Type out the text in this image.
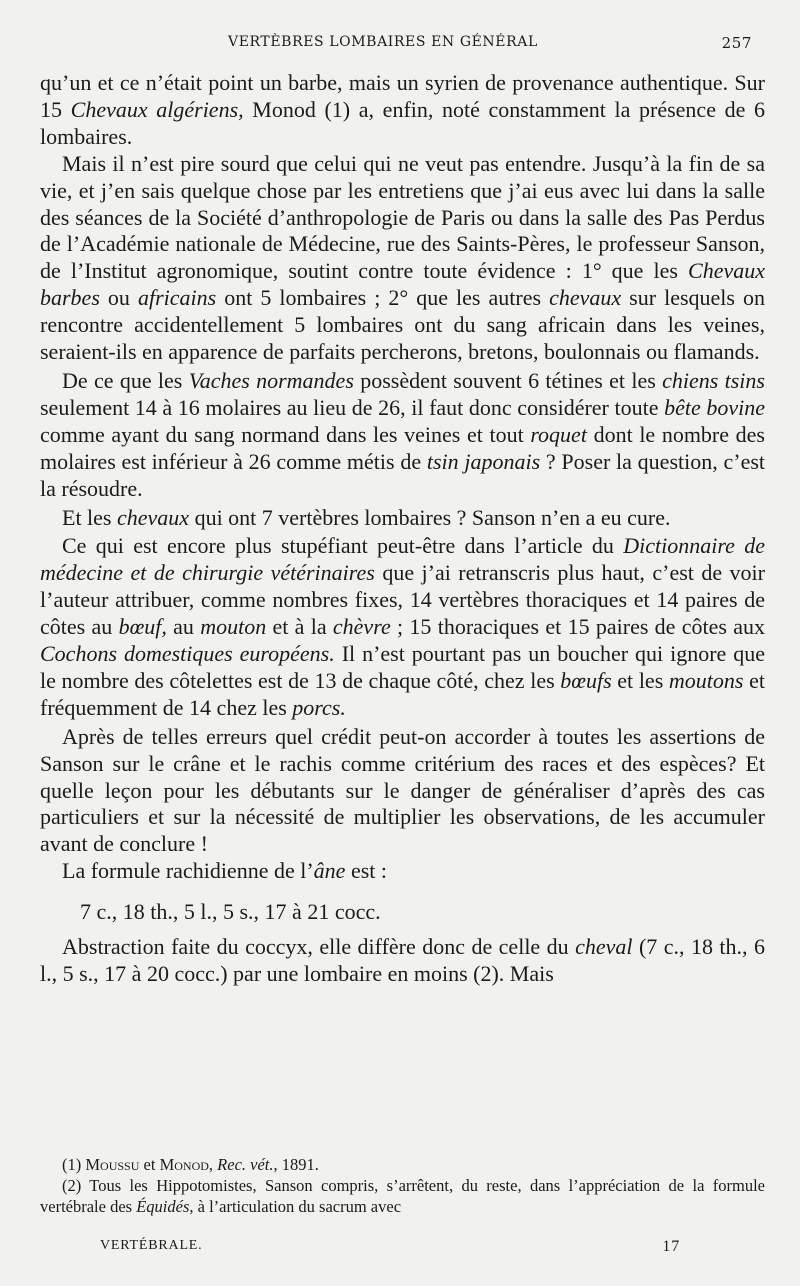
VERTÈBRES LOMBAIRES EN GÉNÉRAL	257

qu’un et ce n’était point un barbe, mais un syrien de provenance authentique. Sur 15 Chevaux algériens, Monod (1) a, enfin, noté constamment la présence de 6 lombaires.

Mais il n’est pire sourd que celui qui ne veut pas entendre. Jusqu’à la fin de sa vie, et j’en sais quelque chose par les entretiens que j’ai eus avec lui dans la salle des séances de la Société d’anthropologie de Paris ou dans la salle des Pas Perdus de l’Académie nationale de Médecine, rue des Saints-Pères, le professeur Sanson, de l’Institut agronomique, soutint contre toute évidence : 1° que les Chevaux barbes ou africains ont 5 lombaires ; 2° que les autres chevaux sur lesquels on rencontre accidentellement 5 lombaires ont du sang africain dans les veines, seraient-ils en apparence de parfaits percherons, bretons, boulonnais ou flamands.

De ce que les Vaches normandes possèdent souvent 6 tétines et les chiens tsins seulement 14 à 16 molaires au lieu de 26, il faut donc considérer toute bête bovine comme ayant du sang normand dans les veines et tout roquet dont le nombre des molaires est inférieur à 26 comme métis de tsin japonais ? Poser la question, c’est la résoudre.

Et les chevaux qui ont 7 vertèbres lombaires ? Sanson n’en a eu cure.

Ce qui est encore plus stupéfiant peut-être dans l’article du Dictionnaire de médecine et de chirurgie vétérinaires que j’ai retranscris plus haut, c’est de voir l’auteur attribuer, comme nombres fixes, 14 vertèbres thoraciques et 14 paires de côtes au bœuf, au mouton et à la chèvre ; 15 thoraciques et 15 paires de côtes aux Cochons domestiques européens. Il n’est pourtant pas un boucher qui ignore que le nombre des côtelettes est de 13 de chaque côté, chez les bœufs et les moutons et fréquemment de 14 chez les porcs.

Après de telles erreurs quel crédit peut-on accorder à toutes les assertions de Sanson sur le crâne et le rachis comme critérium des races et des espèces? Et quelle leçon pour les débutants sur le danger de généraliser d’après des cas particuliers et sur la nécessité de multiplier les observations, de les accumuler avant de conclure !

La formule rachidienne de l’âne est :

7 c., 18 th., 5 l., 5 s., 17 à 21 cocc.

Abstraction faite du coccyx, elle diffère donc de celle du cheval (7 c., 18 th., 6 l., 5 s., 17 à 20 cocc.) par une lombaire en moins (2). Mais

(1) Moussu et Monod, Rec. vét., 1891.

(2) Tous les Hippotomistes, Sanson compris, s’arrêtent, du reste, dans l’appréciation de la formule vertébrale des Équidés, à l’articulation du sacrum avec

VERTÉBRALE.	17
